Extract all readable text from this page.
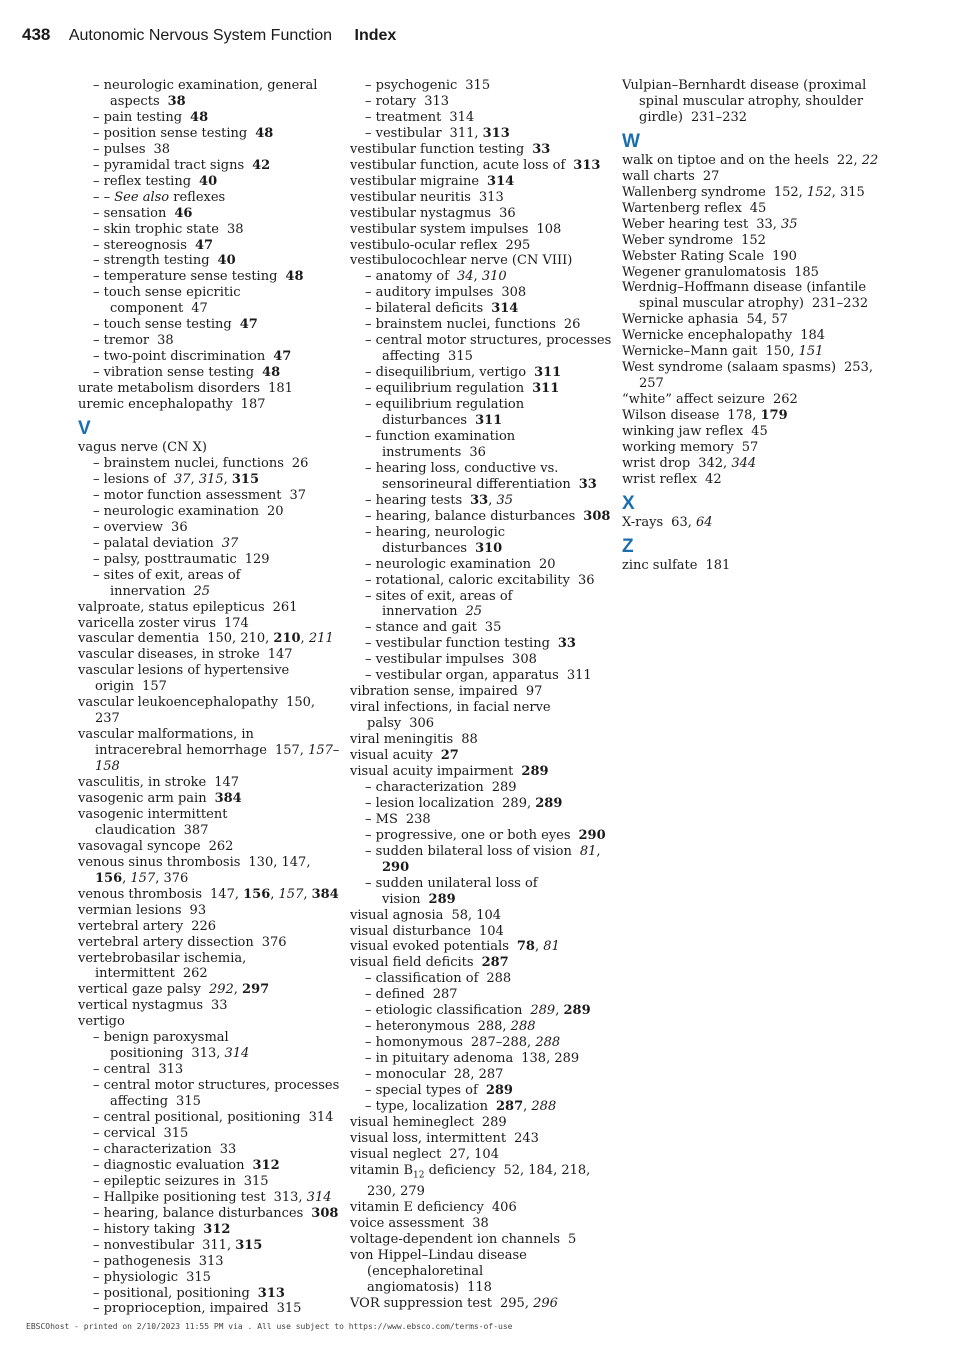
438 Autonomic Nervous System Function Index
– neurologic examination, general aspects 38
– pain testing 48
– position sense testing 48
– pulses 38
– pyramidal tract signs 42
– reflex testing 40
– – See also reflexes
– sensation 46
– skin trophic state 38
– stereognosis 47
– strength testing 40
– temperature sense testing 48
– touch sense epicritic component 47
– touch sense testing 47
– tremor 38
– two-point discrimination 47
– vibration sense testing 48
urate metabolism disorders 181
uremic encephalopathy 187
V
vagus nerve (CN X)
– brainstem nuclei, functions 26
– lesions of 37, 315, 315
– motor function assessment 37
– neurologic examination 20
– overview 36
– palatal deviation 37
– palsy, posttraumatic 129
– sites of exit, areas of innervation 25
valproate, status epilepticus 261
varicella zoster virus 174
vascular dementia 150, 210, 210, 211
vascular diseases, in stroke 147
vascular lesions of hypertensive origin 157
vascular leukoencephalopathy 150, 237
vascular malformations, in intracerebral hemorrhage 157, 157–158
vasculitis, in stroke 147
vasogenic arm pain 384
vasogenic intermittent claudication 387
vasovagal syncope 262
venous sinus thrombosis 130, 147, 156, 157, 376
venous thrombosis 147, 156, 157, 384
vermian lesions 93
vertebral artery 226
vertebral artery dissection 376
vertebrobasilar ischemia, intermittent 262
vertical gaze palsy 292, 297
vertical nystagmus 33
vertigo
– benign paroxysmal positioning 313, 314
– central 313
– central motor structures, processes affecting 315
– central positional, positioning 314
– cervical 315
– characterization 33
– diagnostic evaluation 312
– epileptic seizures in 315
– Hallpike positioning test 313, 314
– hearing, balance disturbances 308
– history taking 312
– nonvestibular 311, 315
– pathogenesis 313
– physiologic 315
– positional, positioning 313
– proprioception, impaired 315
– psychogenic 315
– rotary 313
– treatment 314
– vestibular 311, 313
vestibular function testing 33
vestibular function, acute loss of 313
vestibular migraine 314
vestibular neuritis 313
vestibular nystagmus 36
vestibular system impulses 108
vestibulo-ocular reflex 295
vestibulocochlear nerve (CN VIII)
– anatomy of 34, 310
– auditory impulses 308
– bilateral deficits 314
– brainstem nuclei, functions 26
– central motor structures, processes affecting 315
– disequilibrium, vertigo 311
– equilibrium regulation 311
– equilibrium regulation disturbances 311
– function examination instruments 36
– hearing loss, conductive vs. sensorineural differentiation 33
– hearing tests 33, 35
– hearing, balance disturbances 308
– hearing, neurologic disturbances 310
– neurologic examination 20
– rotational, caloric excitability 36
– sites of exit, areas of innervation 25
– stance and gait 35
– vestibular function testing 33
– vestibular impulses 308
– vestibular organ, apparatus 311
vibration sense, impaired 97
viral infections, in facial nerve palsy 306
viral meningitis 88
visual acuity 27
visual acuity impairment 289
– characterization 289
– lesion localization 289, 289
– MS 238
– progressive, one or both eyes 290
– sudden bilateral loss of vision 81, 290
– sudden unilateral loss of vision 289
visual agnosia 58, 104
visual disturbance 104
visual evoked potentials 78, 81
visual field deficits 287
– classification of 288
– defined 287
– etiologic classification 289, 289
– heteronymous 288, 288
– homonymous 287–288, 288
– in pituitary adenoma 138, 289
– monocular 28, 287
– special types of 289
– type, localization 287, 288
visual hemineglect 289
visual loss, intermittent 243
visual neglect 27, 104
vitamin $B_{12}$ deficiency 52, 184, 218, 230, 279
vitamin E deficiency 406
voice assessment 38
voltage-dependent ion channels 5
von Hippel–Lindau disease (encephaloretinal angiomatosis) 118
VOR suppression test 295, 296
Vulpian–Bernhardt disease (proximal spinal muscular atrophy, shoulder girdle) 231–232
W
walk on tiptoe and on the heels 22, 22
wall charts 27
Wallenberg syndrome 152, 152, 315
Wartenberg reflex 45
Weber hearing test 33, 35
Weber syndrome 152
Webster Rating Scale 190
Wegener granulomatosis 185
Werdnig–Hoffmann disease (infantile spinal muscular atrophy) 231–232
Wernicke aphasia 54, 57
Wernicke encephalopathy 184
Wernicke–Mann gait 150, 151
West syndrome (salaam spasms) 253, 257
“white” affect seizure 262
Wilson disease 178, 179
winking jaw reflex 45
working memory 57
wrist drop 342, 344
wrist reflex 42
X
X-rays 63, 64
Z
zinc sulfate 181
EBSCOhost - printed on 2/10/2023 11:55 PM via . All use subject to https://www.ebsco.com/terms-of-use
